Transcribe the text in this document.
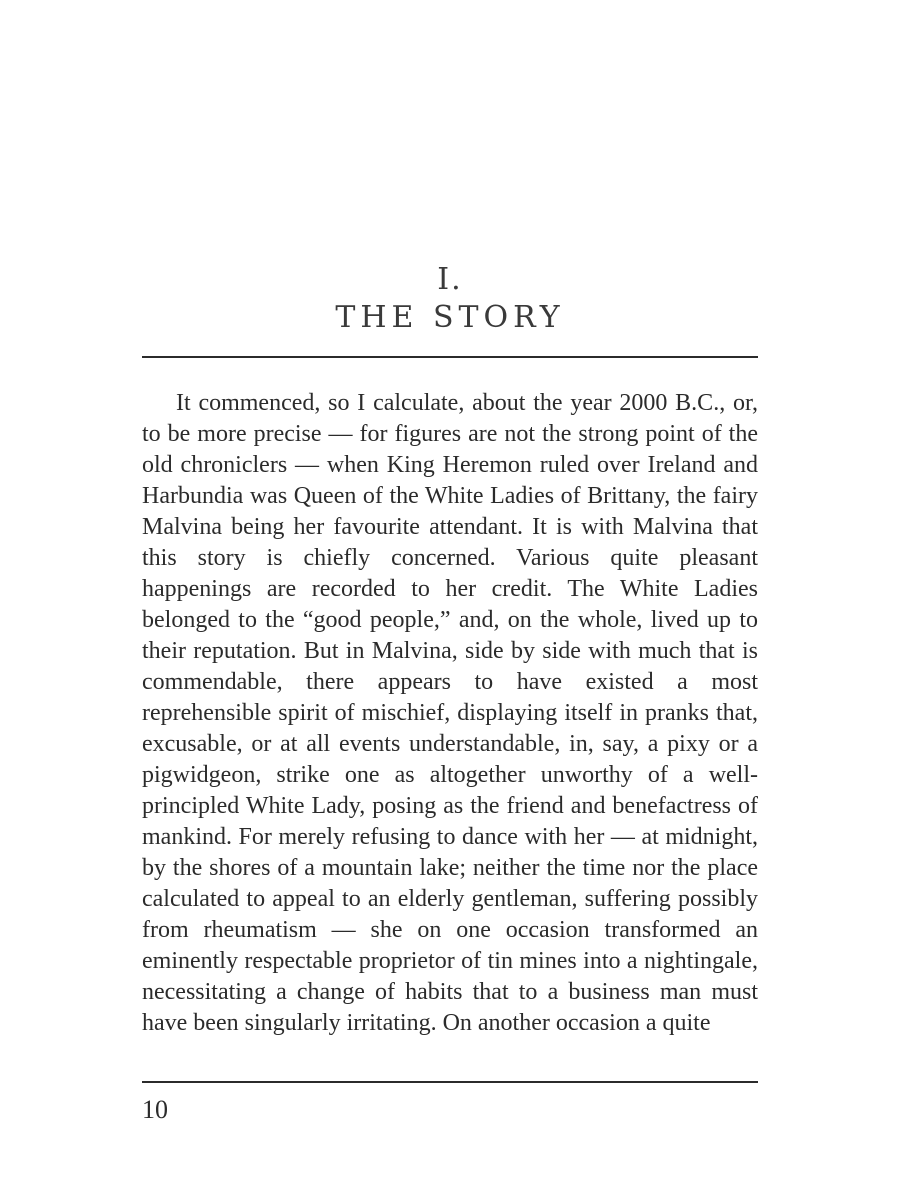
I.
THE STORY

It commenced, so I calculate, about the year 2000 B.C., or, to be more precise — for figures are not the strong point of the old chroniclers — when King Heremon ruled over Ireland and Harbundia was Queen of the White Ladies of Brittany, the fairy Malvina being her favourite attendant. It is with Malvina that this story is chiefly concerned. Various quite pleasant happenings are recorded to her credit. The White Ladies belonged to the “good people,” and, on the whole, lived up to their reputation. But in Malvina, side by side with much that is commendable, there appears to have existed a most reprehensible spirit of mischief, displaying itself in pranks that, excusable, or at all events understandable, in, say, a pixy or a pigwidgeon, strike one as altogether unworthy of a well-principled White Lady, posing as the friend and benefactress of mankind. For merely refusing to dance with her — at midnight, by the shores of a mountain lake; neither the time nor the place calculated to appeal to an elderly gentleman, suffering possibly from rheumatism — she on one occasion transformed an eminently respectable proprietor of tin mines into a nightingale, necessitating a change of habits that to a business man must have been singularly irritating. On another occasion a quite

10
